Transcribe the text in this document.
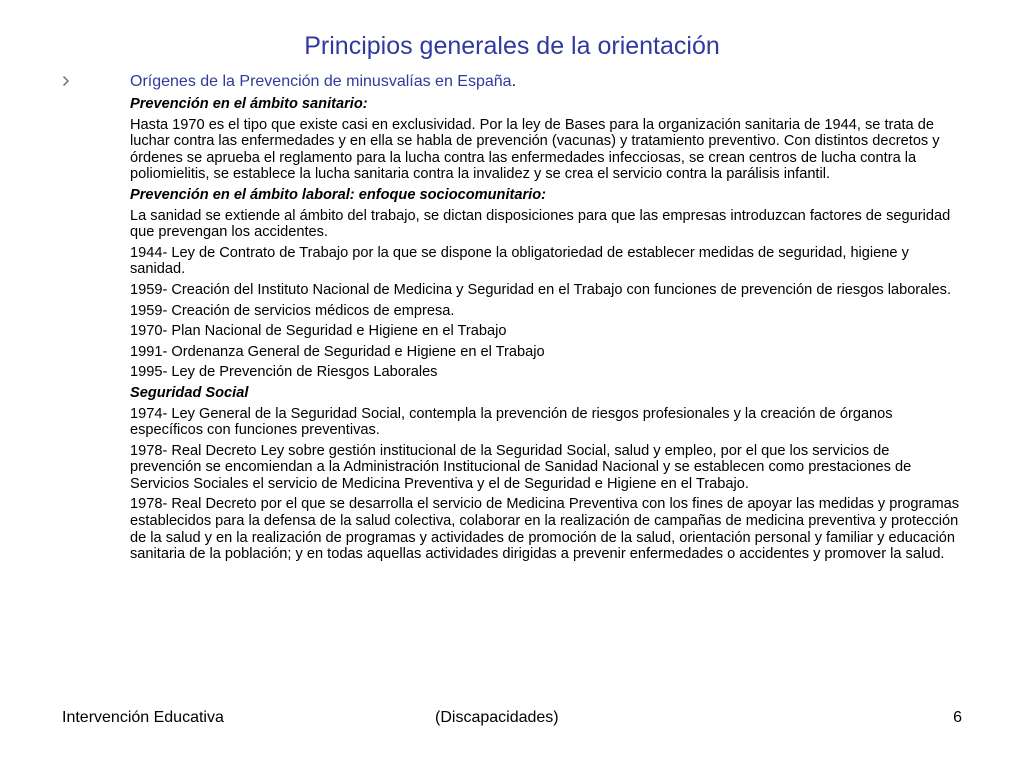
Principios generales de la orientación
Orígenes de la Prevención de minusvalías en España.

Prevención en el ámbito sanitario:

Hasta 1970 es el tipo que existe casi en exclusividad. Por la ley de Bases para la organización sanitaria de 1944, se trata de luchar contra las enfermedades y en ella se habla de prevención (vacunas) y tratamiento preventivo. Con distintos decretos y órdenes se aprueba el reglamento para la lucha contra las enfermedades infecciosas, se crean centros de lucha contra la poliomielitis, se establece la lucha sanitaria contra la invalidez y se crea el servicio contra la parálisis infantil.

Prevención en el ámbito laboral: enfoque sociocomunitario:

La sanidad se extiende al ámbito del trabajo, se dictan disposiciones para que las empresas introduzcan factores de seguridad que prevengan los accidentes.

1944- Ley de Contrato de Trabajo por la que se dispone la obligatoriedad de establecer medidas de seguridad, higiene y sanidad.

1959- Creación del Instituto Nacional de Medicina y Seguridad en el Trabajo con funciones de prevención de riesgos laborales.

1959- Creación de servicios médicos de empresa.

1970- Plan Nacional de Seguridad e Higiene en el Trabajo

1991- Ordenanza General de Seguridad e Higiene en el Trabajo

1995- Ley de Prevención de Riesgos Laborales

Seguridad Social

1974- Ley General de la Seguridad Social, contempla la prevención de riesgos profesionales y la creación de órganos específicos con funciones preventivas.

1978- Real Decreto Ley sobre gestión institucional de la Seguridad Social, salud y empleo, por el que los servicios de prevención se encomiendan a la Administración Institucional de Sanidad Nacional y se establecen como prestaciones de Servicios Sociales el servicio de Medicina Preventiva y el de Seguridad e Higiene en el Trabajo.

1978- Real Decreto por el que se desarrolla el servicio de Medicina Preventiva con los fines de apoyar las medidas y programas establecidos para la defensa de la salud colectiva, colaborar en la realización de campañas de medicina preventiva y protección de la salud y en la realización de programas y actividades de promoción de la salud, orientación personal y familiar y educación sanitaria de la población; y en todas aquellas actividades dirigidas a prevenir enfermedades o accidentes y promover la salud.

Intervención Educativa	(Discapacidades)	6
